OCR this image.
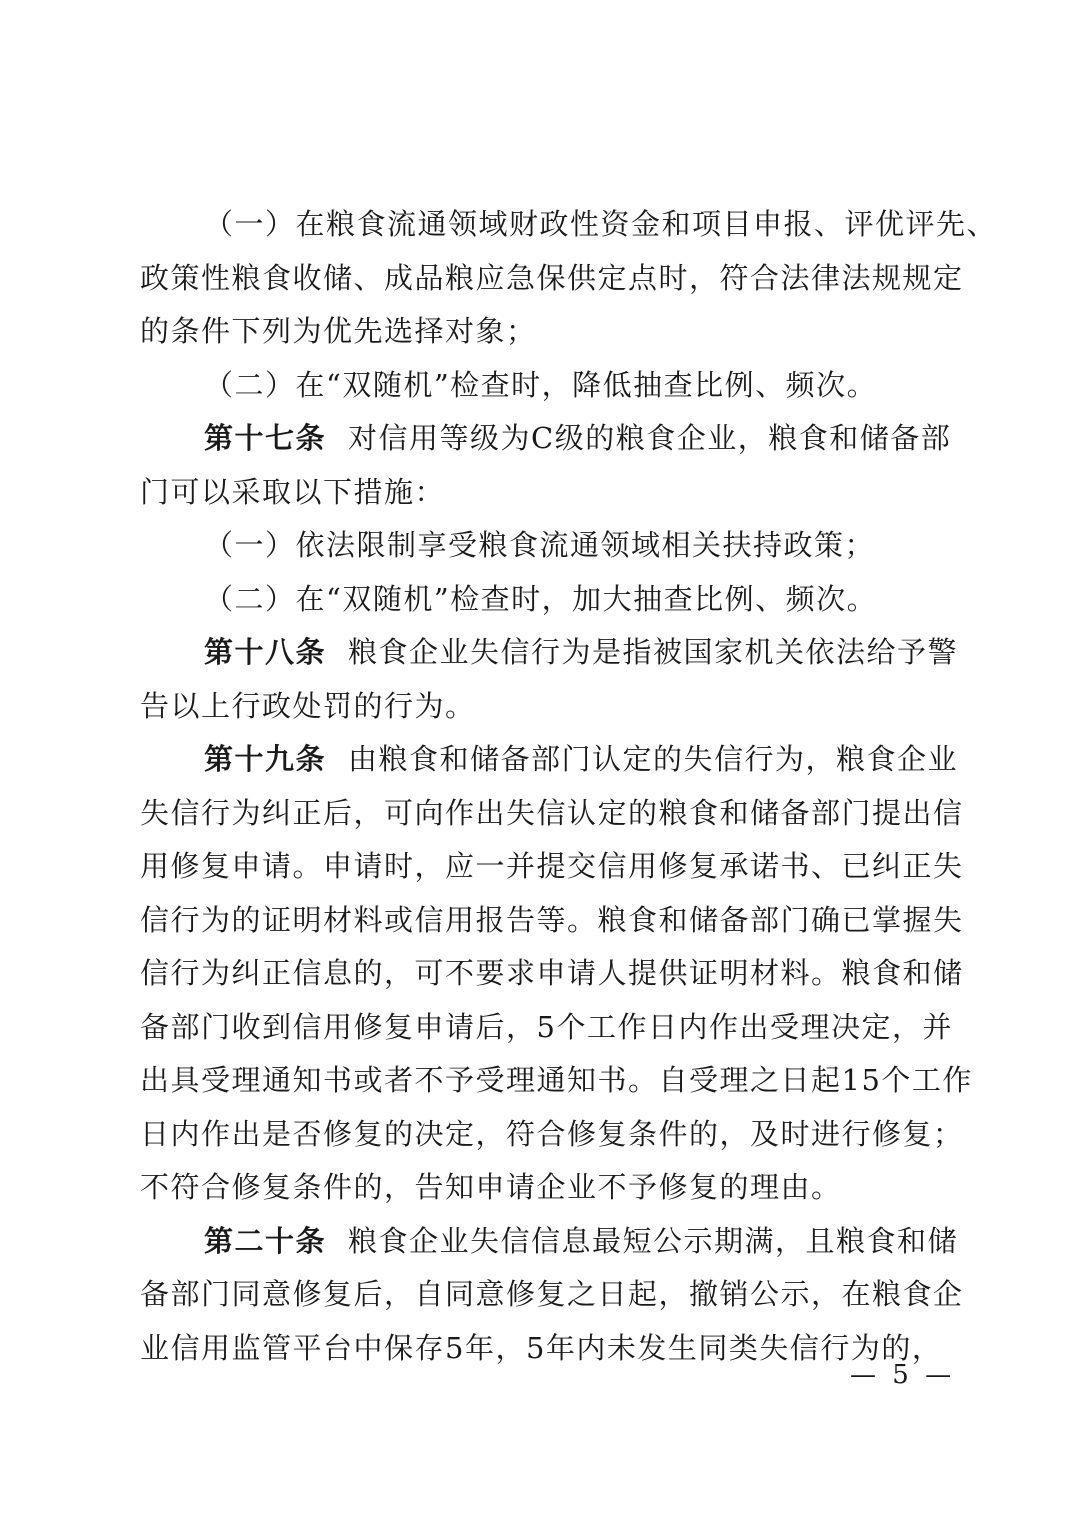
（一）在粮食流通领域财政性资金和项目申报、评优评先、
政策性粮食收储、成品粮应急保供定点时，符合法律法规规定
的条件下列为优先选择对象；
（二）在“双随机”检查时，降低抽查比例、频次。
第十七条 对信用等级为C级的粮食企业，粮食和储备部
门可以采取以下措施：
（一）依法限制享受粮食流通领域相关扶持政策；
（二）在“双随机”检查时，加大抽查比例、频次。
第十八条 粮食企业失信行为是指被国家机关依法给予警
告以上行政处罚的行为。
第十九条 由粮食和储备部门认定的失信行为，粮食企业
失信行为纠正后，可向作出失信认定的粮食和储备部门提出信
用修复申请。申请时，应一并提交信用修复承诺书、已纠正失
信行为的证明材料或信用报告等。粮食和储备部门确已掌握失
信行为纠正信息的，可不要求申请人提供证明材料。粮食和储
备部门收到信用修复申请后，5个工作日内作出受理决定，并
出具受理通知书或者不予受理通知书。自受理之日起15个工作
日内作出是否修复的决定，符合修复条件的，及时进行修复；
不符合修复条件的，告知申请企业不予修复的理由。
第二十条 粮食企业失信信息最短公示期满，且粮食和储
备部门同意修复后，自同意修复之日起，撤销公示，在粮食企
业信用监管平台中保存5年，5年内未发生同类失信行为的，
— 5 —
